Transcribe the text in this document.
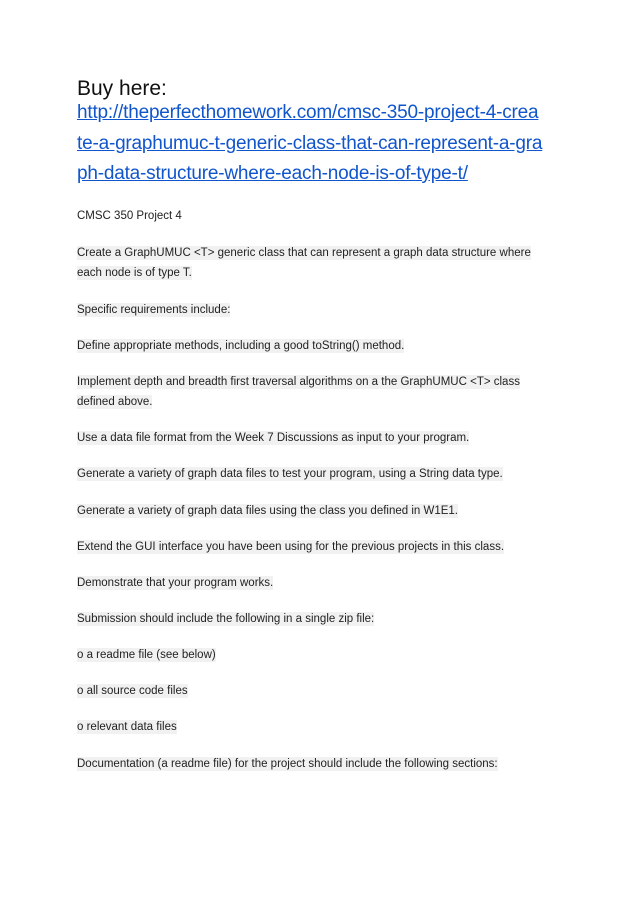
Buy here:
http://theperfecthomework.com/cmsc-350-project-4-crea
te-a-graphumuc-t-generic-class-that-can-represent-a-gra
ph-data-structure-where-each-node-is-of-type-t/

CMSC 350 Project 4

Create a GraphUMUC <T> generic class that can represent a graph data structure where each node is of type T.

Specific requirements include:

Define appropriate methods, including a good toString() method.

Implement depth and breadth first traversal algorithms on a the GraphUMUC <T> class defined above.

Use a data file format from the Week 7 Discussions as input to your program.

Generate a variety of graph data files to test your program, using a String data type.

Generate a variety of graph data files using the class you defined in W1E1.

Extend the GUI interface you have been using for the previous projects in this class.

Demonstrate that your program works.

Submission should include the following in a single zip file:

o a readme file (see below)

o all source code files

o relevant data files

Documentation (a readme file) for the project should include the following sections:
